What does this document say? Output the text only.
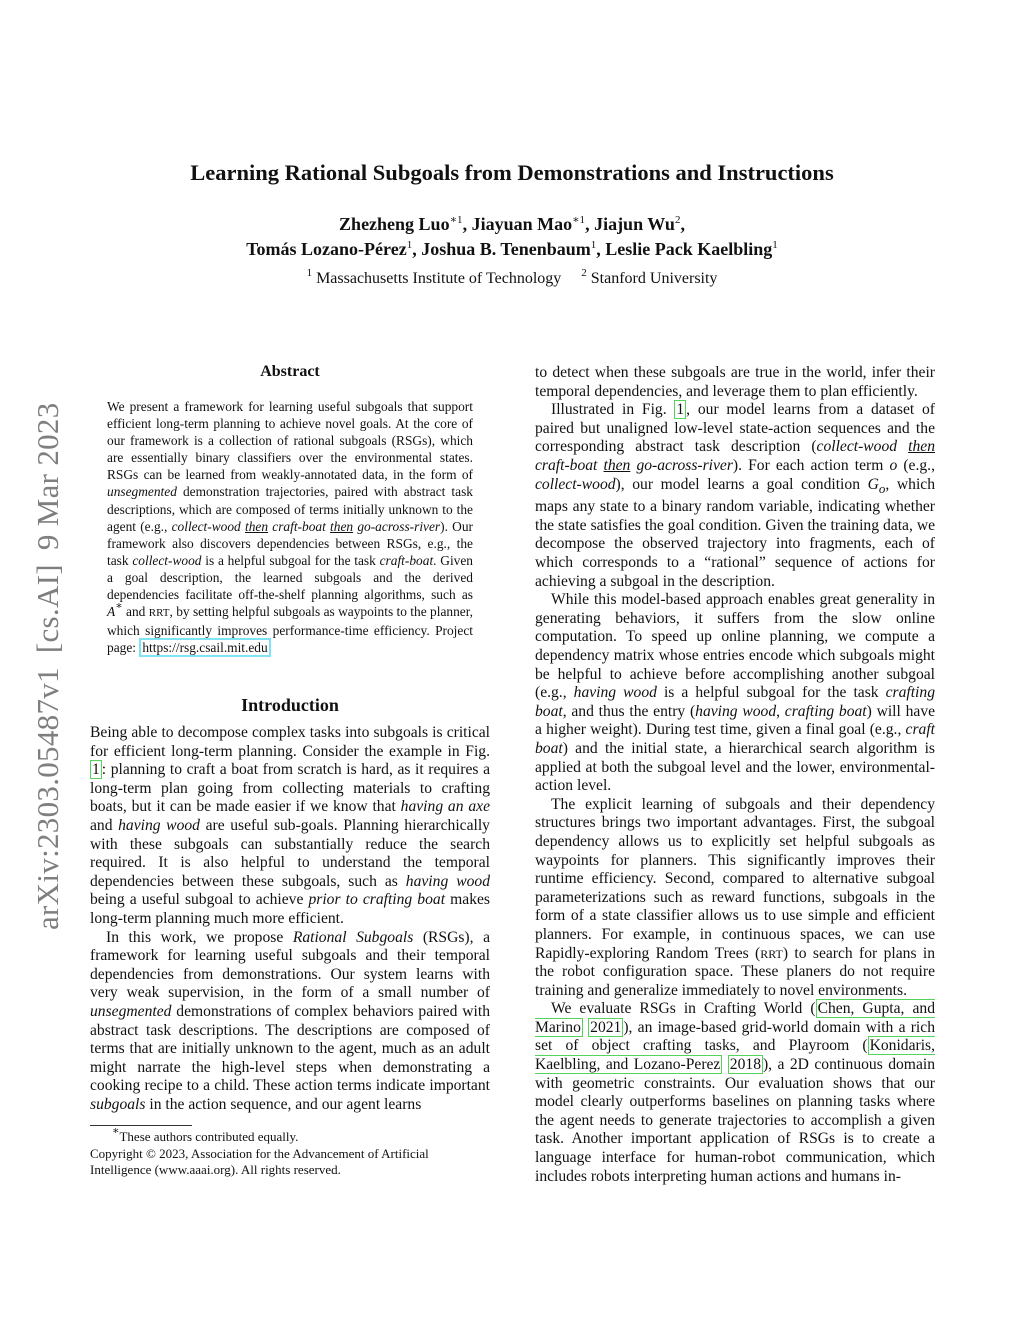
arXiv:2303.05487v1[cs.AI]9 Mar 2023
Learning Rational Subgoals from Demonstrations and Instructions
Zhezheng Luo$^{∗1}$, Jiayuan Mao$^{∗1}$, Jiajun Wu$^2$,
Tomás Lozano-Pérez$^1$, Joshua B. Tenenbaum$^1$, Leslie Pack Kaelbling$^1$
$^1$ Massachusetts Institute of Technology $^2$ Stanford University
Abstract
We present a framework for learning useful subgoals that support efficient long-term planning to achieve novel goals. At the core of our framework is a collection of rational subgoals (RSGs), which are essentially binary classifiers over the environmental states. RSGs can be learned from weakly-annotated data, in the form of unsegmented demonstration trajectories, paired with abstract task descriptions, which are composed of terms initially unknown to the agent (e.g., collect-wood then craft-boat then go-across-river). Our framework also discovers dependencies between RSGs, e.g., the task collect-wood is a helpful subgoal for the task craft-boat. Given a goal description, the learned subgoals and the derived dependencies facilitate off-the-shelf planning algorithms, such as A∗ and RRT, by setting helpful subgoals as waypoints to the planner, which significantly improves performance-time efficiency. Project page: https://rsg.csail.mit.edu
Introduction

Being able to decompose complex tasks into subgoals is critical for efficient long-term planning. Consider the example in Fig. 1 : planning to craft a boat from scratch is hard, as it requires a long-term plan going from collecting materials to crafting boats, but it can be made easier if we know that having an axe and having wood are useful sub-goals. Planning hierarchically with these subgoals can substantially reduce the search required. It is also helpful to understand the temporal dependencies between these subgoals, such as having wood being a useful subgoal to achieve prior to crafting boat makes long-term planning much more efficient.

In this work, we propose Rational Subgoals (RSGs), a framework for learning useful subgoals and their temporal dependencies from demonstrations. Our system learns with very weak supervision, in the form of a small number of unsegmented demonstrations of complex behaviors paired with abstract task descriptions. The descriptions are composed of terms that are initially unknown to the agent, much as an adult might narrate the high-level steps when demonstrating a cooking recipe to a child. These action terms indicate important subgoals in the action sequence, and our agent learns

∗These authors contributed equally.
Copyright © 2023, Association for the Advancement of Artificial Intelligence (www.aaai.org). All rights reserved.

to detect when these subgoals are true in the world, infer their temporal dependencies, and leverage them to plan efficiently.

Illustrated in Fig. 1 , our model learns from a dataset of paired but unaligned low-level state-action sequences and the corresponding abstract task description (collect-wood then craft-boat then go-across-river). For each action term o (e.g., collect-wood), our model learns a goal condition $G_o$, which maps any state to a binary random variable, indicating whether the state satisfies the goal condition. Given the training data, we decompose the observed trajectory into fragments, each of which corresponds to a “rational” sequence of actions for achieving a subgoal in the description.

While this model-based approach enables great generality in generating behaviors, it suffers from the slow online computation. To speed up online planning, we compute a dependency matrix whose entries encode which subgoals might be helpful to achieve before accomplishing another subgoal (e.g., having wood is a helpful subgoal for the task crafting boat, and thus the entry (having wood, crafting boat) will have a higher weight). During test time, given a final goal (e.g., craft boat) and the initial state, a hierarchical search algorithm is applied at both the subgoal level and the lower, environmental-action level.

The explicit learning of subgoals and their dependency structures brings two important advantages. First, the subgoal dependency allows us to explicitly set helpful subgoals as waypoints for planners. This significantly improves their runtime efficiency. Second, compared to alternative subgoal parameterizations such as reward functions, subgoals in the form of a state classifier allows us to use simple and efficient planners. For example, in continuous spaces, we can use Rapidly-exploring Random Trees (RRT) to search for plans in the robot configuration space. These planers do not require training and generalize immediately to novel environments.

We evaluate RSGs in Crafting World ( Chen, Gupta, and Marino 2021 ), an image-based grid-world domain with a rich set of object crafting tasks, and Playroom ( Konidaris, Kaelbling, and Lozano-Perez 2018 ), a 2D continuous domain with geometric constraints. Our evaluation shows that our model clearly outperforms baselines on planning tasks where the agent needs to generate trajectories to accomplish a given task. Another important application of RSGs is to create a language interface for human-robot communication, which includes robots interpreting human actions and humans in-
